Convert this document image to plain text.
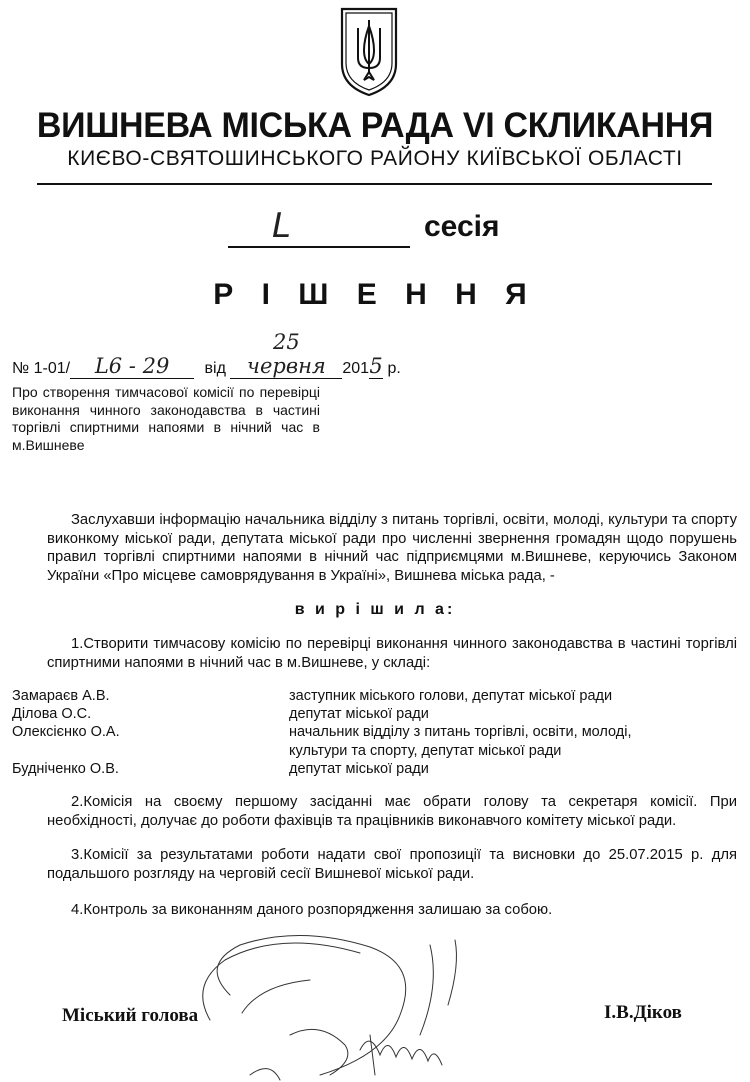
ВИШНЕВА МІСЬКА РАДА VI СКЛИКАННЯ
КИЄВО-СВЯТОШИНСЬКОГО РАЙОНУ КИЇВСЬКОЇ ОБЛАСТІ
L	сесія
Р І Ш Е Н Н Я
№ 1-01/ L6 - 29 від 25 червня 2015 р.
Про створення тимчасової комісії по перевірці виконання чинного законодавства в частині торгівлі спиртними напоями в нічний час в м.Вишневе
Заслухавши інформацію начальника відділу з питань торгівлі, освіти, молоді, культури та спорту виконкому міської ради, депутата міської ради про численні звернення громадян щодо порушень правил торгівлі спиртними напоями в нічний час підприємцями м.Вишневе, керуючись Законом України «Про місцеве самоврядування в Україні», Вишнева міська рада, -
в и р і ш и л а:
1.Створити тимчасову комісію по перевірці виконання чинного законодавства в частині торгівлі спиртними напоями в нічний час в м.Вишневе, у складі:
Замараєв А.В.	заступник міського голови, депутат міської ради
Ділова О.С.	депутат міської ради
Олексієнко О.А.	начальник відділу з питань торгівлі, освіти, молоді,
культури та спорту, депутат міської ради
Будніченко О.В.	депутат міської ради
2.Комісія на своєму першому засіданні має обрати голову та секретаря комісії. При необхідності, долучає до роботи фахівців та працівників виконавчого комітету міської ради.
3.Комісії за результатами роботи надати свої пропозиції та висновки до 25.07.2015 р. для подальшого розгляду на черговій сесії Вишневої міської ради.
4.Контроль за виконанням даного розпорядження залишаю за собою.
Міський голова	І.В.Діков
